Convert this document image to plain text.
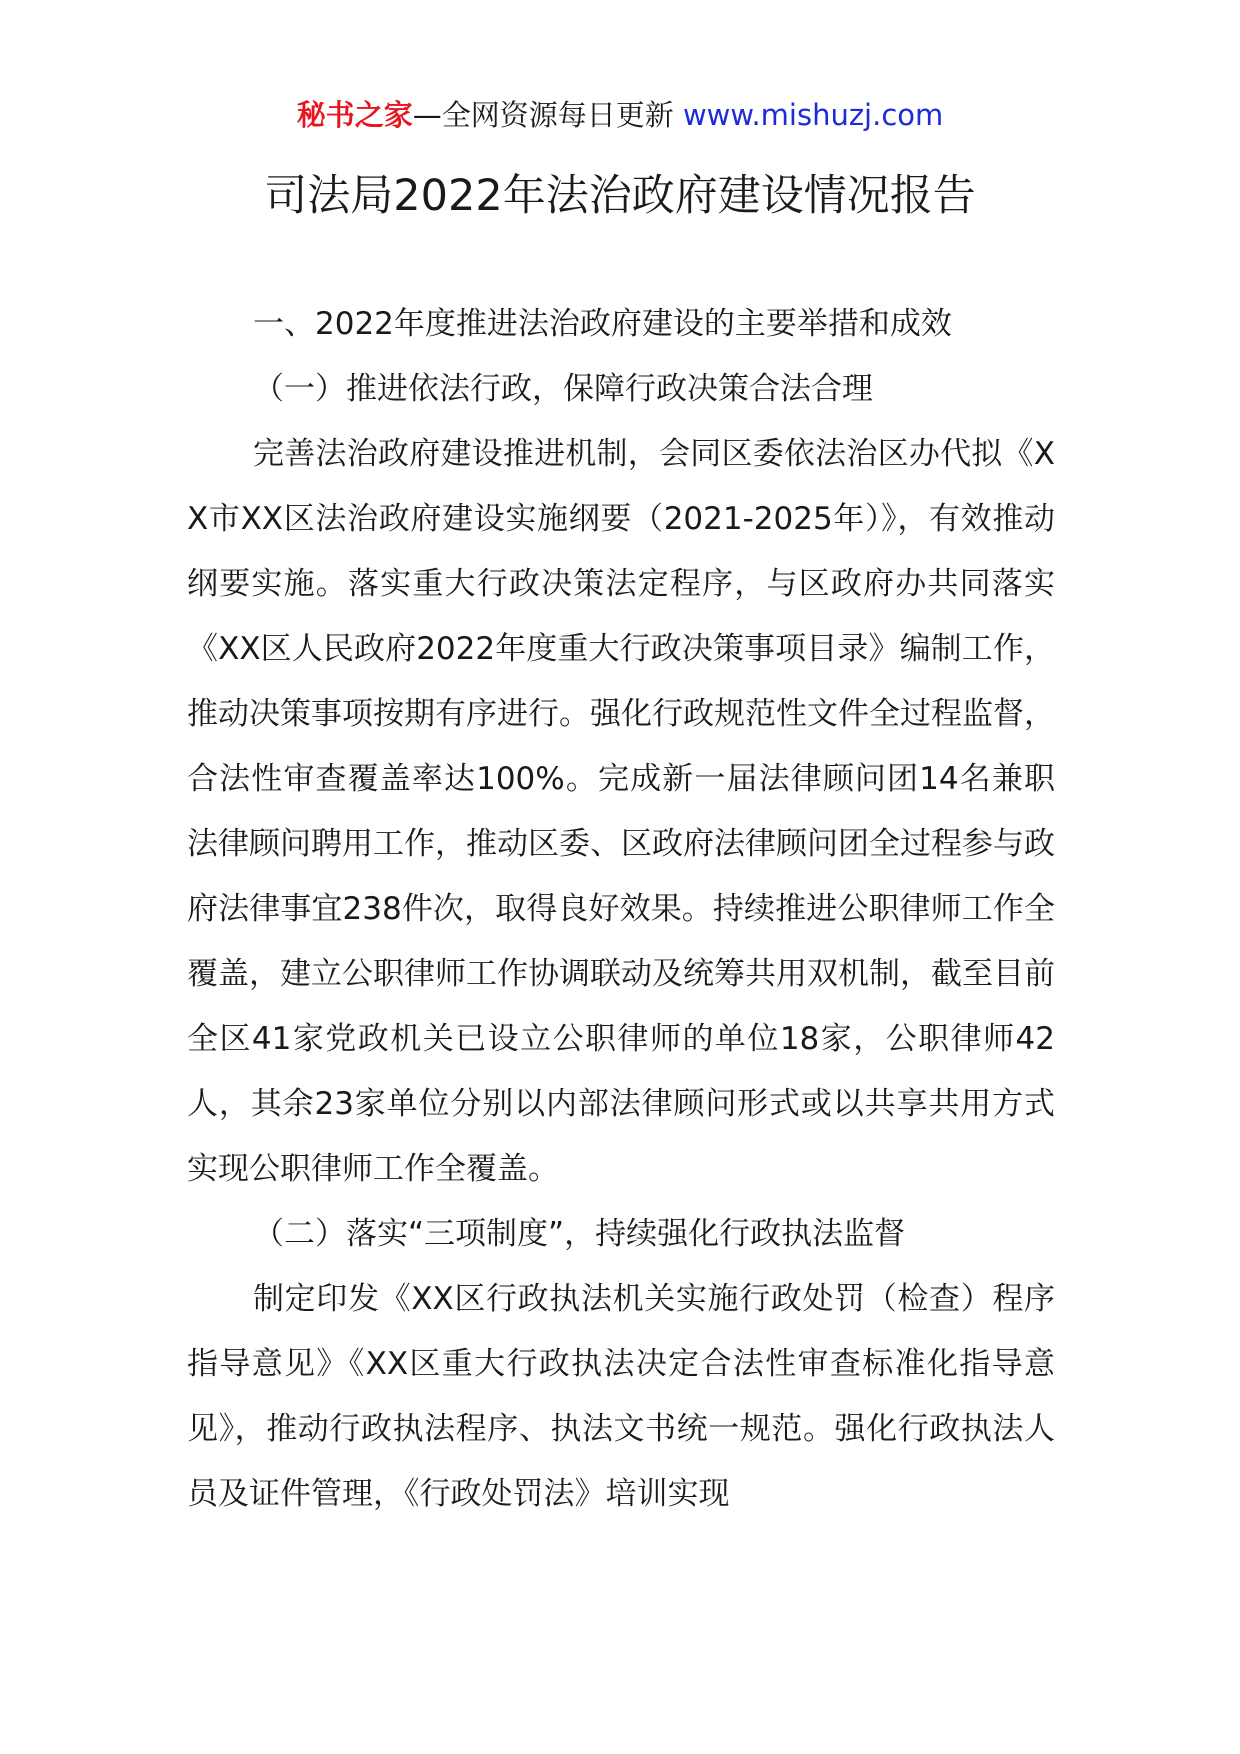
秘书之家—全网资源每日更新 www.mishuzj.com
司法局2022年法治政府建设情况报告
一、2022年度推进法治政府建设的主要举措和成效
（一）推进依法行政，保障行政决策合法合理

完善法治政府建设推进机制，会同区委依法治区办代拟《XX市XX区法治政府建设实施纲要（2021-2025年）》，有效推动纲要实施。落实重大行政决策法定程序，与区政府办共同落实《XX区人民政府2022年度重大行政决策事项目录》编制工作，推动决策事项按期有序进行。强化行政规范性文件全过程监督，合法性审查覆盖率达100%。完成新一届法律顾问团14名兼职法律顾问聘用工作，推动区委、区政府法律顾问团全过程参与政府法律事宜238件次，取得良好效果。持续推进公职律师工作全覆盖，建立公职律师工作协调联动及统筹共用双机制，截至目前全区41家党政机关已设立公职律师的单位18家，公职律师42人，其余23家单位分别以内部法律顾问形式或以共享共用方式实现公职律师工作全覆盖。

（二）落实“三项制度”，持续强化行政执法监督

制定印发《XX区行政执法机关实施行政处罚（检查）程序指导意见》《XX区重大行政执法决定合法性审查标准化指导意见》，推动行政执法程序、执法文书统一规范。强化行政执法人员及证件管理，《行政处罚法》培训实现
